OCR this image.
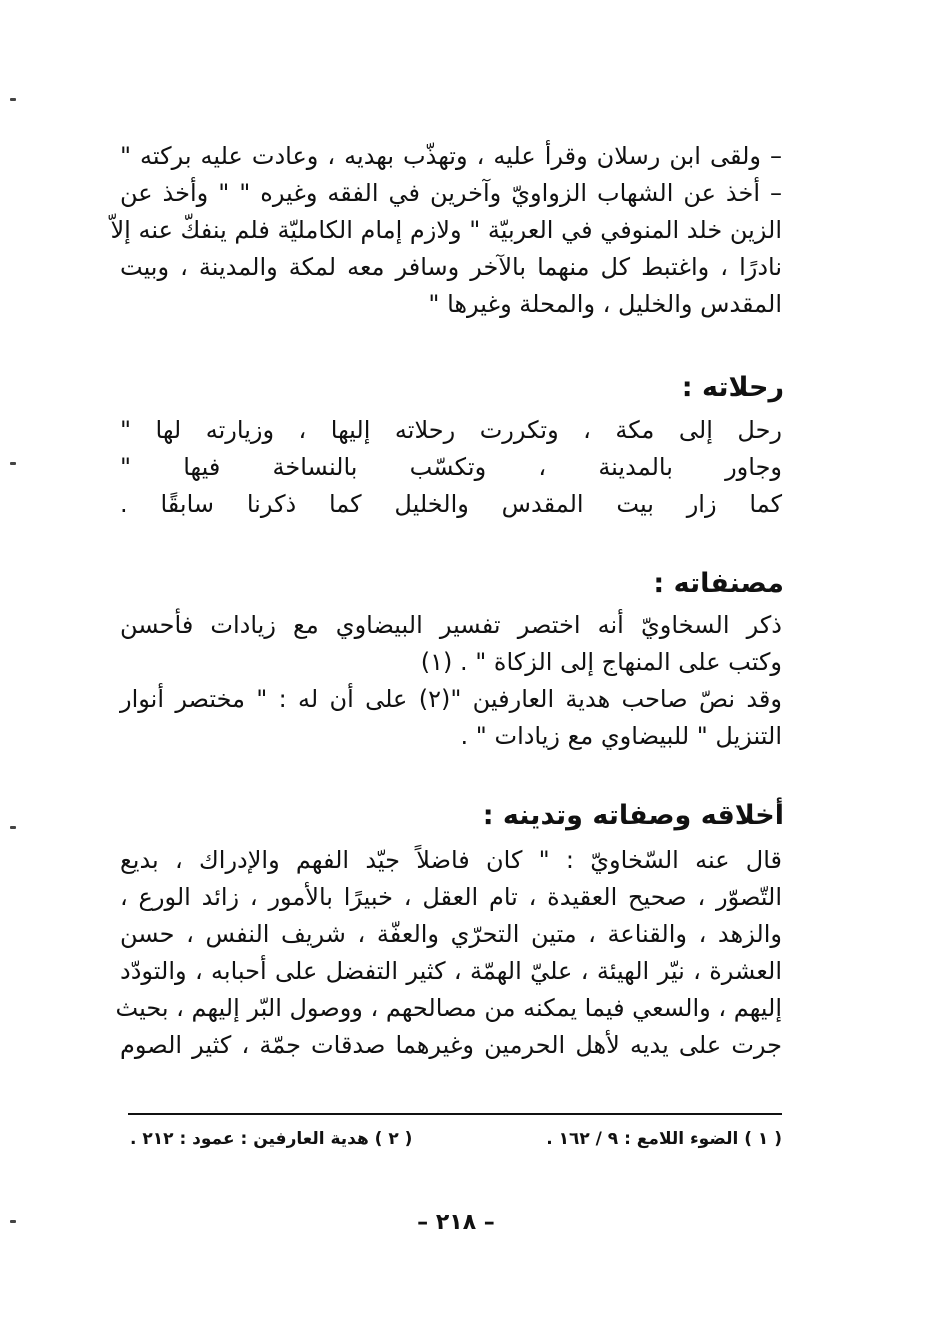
– ولقى ابن رسلان وقرأ عليه ، وتهذّب بهديه ، وعادت عليه بركته "
– أخذ عن الشهاب الزواويّ وآخرين في الفقه وغيره " " وأخذ عن
الزين خلد المنوفي في العربيّة " ولازم إمام الكامليّة فلم ينفكّ عنه إلاّ
نادرًا ، واغتبط كل منهما بالآخر وسافر معه لمكة والمدينة ، وبيت
المقدس والخليل ، والمحلة وغيرها "
رحلاته :
رحل إلى مكة ، وتكررت رحلاته إليها ، وزيارته لها "
وجاور بالمدينة ، وتكسّب بالنساخة فيها "
كما زار بيت المقدس والخليل كما ذكرنا سابقًا .
مصنفاته :
ذكر السخاويّ أنه اختصر تفسير البيضاوي مع زيادات فأحسن
وكتب على المنهاج إلى الزكاة " . (١)
وقد نصّ صاحب هدية العارفين "(٢) على أن له : " مختصر أنوار
التنزيل " للبيضاوي مع زيادات " .
أخلاقه وصفاته وتدينه :
قال عنه السّخاويّ : " كان فاضلاً جيّد الفهم والإدراك ، بديع
التّصوّر ، صحيح العقيدة ، تام العقل ، خبيرًا بالأمور ، زائد الورع ،
والزهد ، والقناعة ، متين التحرّي والعفّة ، شريف النفس ، حسن
العشرة ، نيّر الهيئة ، عليّ الهمّة ، كثير التفضل على أحبابه ، والتودّد
إليهم ، والسعي فيما يمكنه من مصالحهم ، ووصول البّر إليهم ، بحيث
جرت على يديه لأهل الحرمين وغيرهما صدقات جمّة ، كثير الصوم
( ١ ) الضوء اللامع : ٩ / ١٦٢ .
( ٢ ) هدية العارفين : عمود : ٢١٢ .
– ٢١٨ –
